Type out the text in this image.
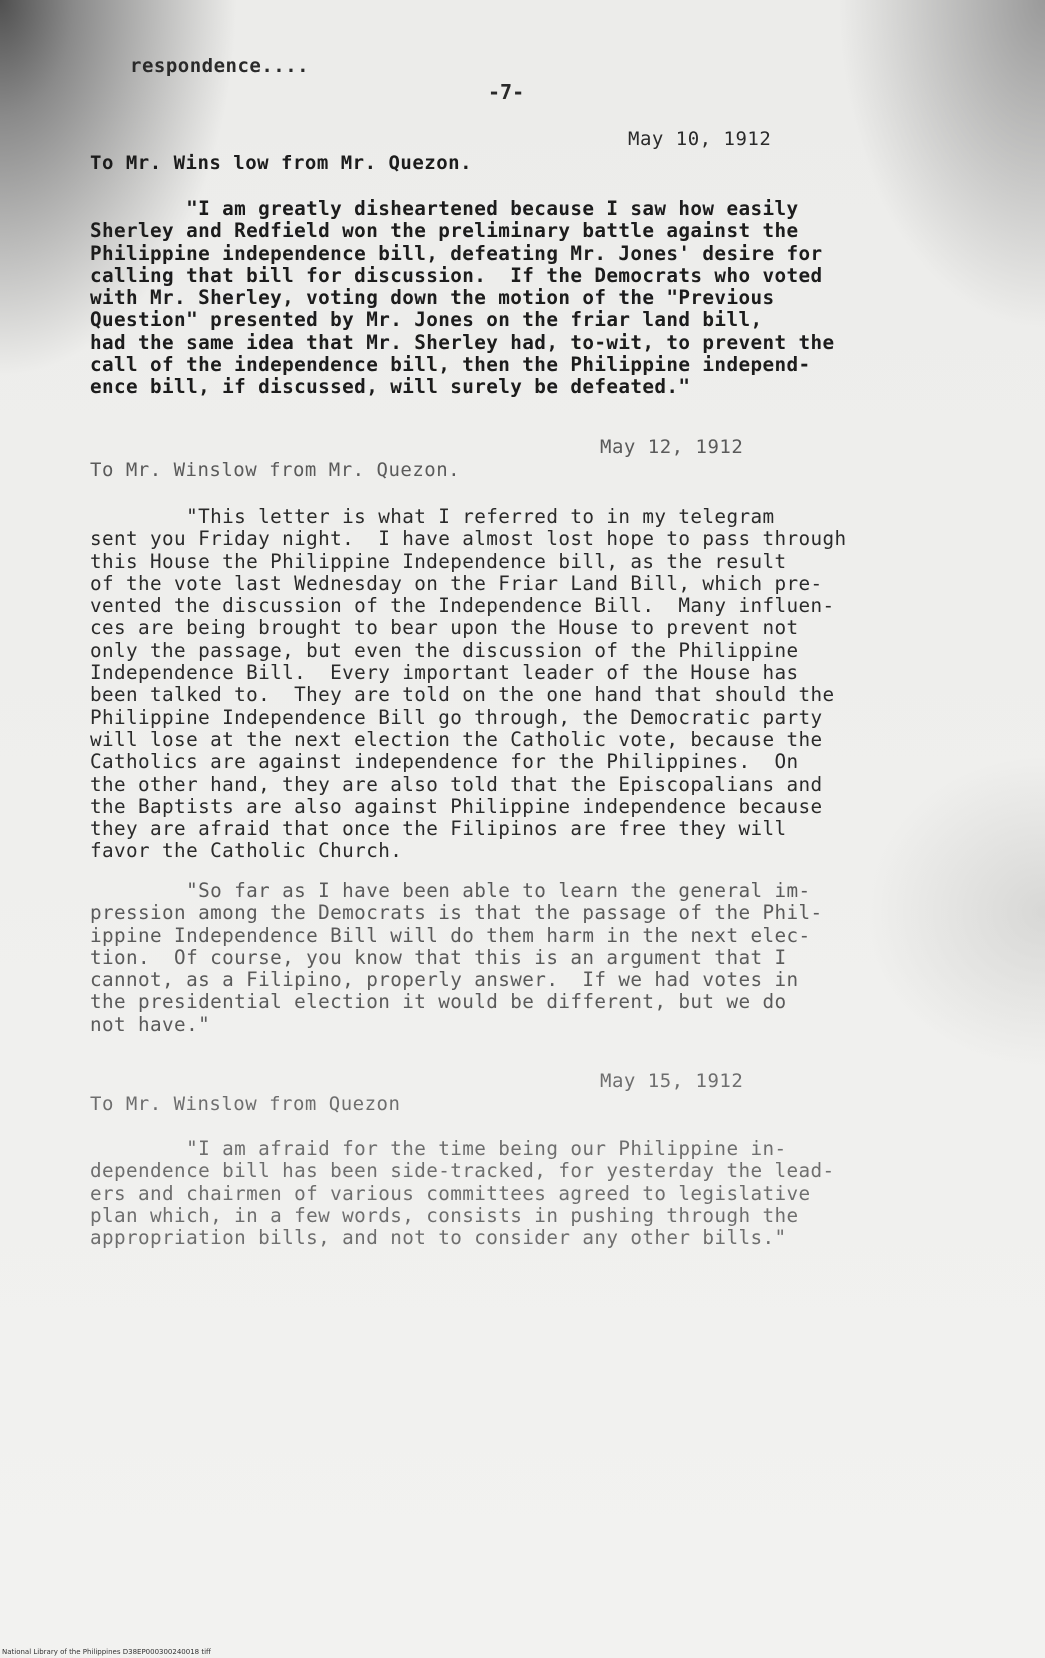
respondence....
-7-
May 10, 1912
To Mr. Wins low from Mr. Quezon.
"I am greatly disheartened because I saw how easily
Sherley and Redfield won the preliminary battle against the
Philippine independence bill, defeating Mr. Jones' desire for
calling that bill for discussion.  If the Democrats who voted
with Mr. Sherley, voting down the motion of the "Previous
Question" presented by Mr. Jones on the friar land bill,
had the same idea that Mr. Sherley had, to-wit, to prevent the
call of the independence bill, then the Philippine independ-
ence bill, if discussed, will surely be defeated."
May 12, 1912
To Mr. Winslow from Mr. Quezon.
"This letter is what I referred to in my telegram
sent you Friday night.  I have almost lost hope to pass through
this House the Philippine Independence bill, as the result
of the vote last Wednesday on the Friar Land Bill, which pre-
vented the discussion of the Independence Bill.  Many influen-
ces are being brought to bear upon the House to prevent not
only the passage, but even the discussion of the Philippine
Independence Bill.  Every important leader of the House has
been talked to.  They are told on the one hand that should the
Philippine Independence Bill go through, the Democratic party
will lose at the next election the Catholic vote, because the
Catholics are against independence for the Philippines.  On
the other hand, they are also told that the Episcopalians and
the Baptists are also against Philippine independence because
they are afraid that once the Filipinos are free they will
favor the Catholic Church.
"So far as I have been able to learn the general im-
pression among the Democrats is that the passage of the Phil-
ippine Independence Bill will do them harm in the next elec-
tion.  Of course, you know that this is an argument that I
cannot, as a Filipino, properly answer.  If we had votes in
the presidential election it would be different, but we do
not have."
May 15, 1912
To Mr. Winslow from Quezon
"I am afraid for the time being our Philippine in-
dependence bill has been side-tracked, for yesterday the lead-
ers and chairmen of various committees agreed to legislative
plan which, in a few words, consists in pushing through the
appropriation bills, and not to consider any other bills."
National Library of the Philippines D38EP000300240018 tiff
